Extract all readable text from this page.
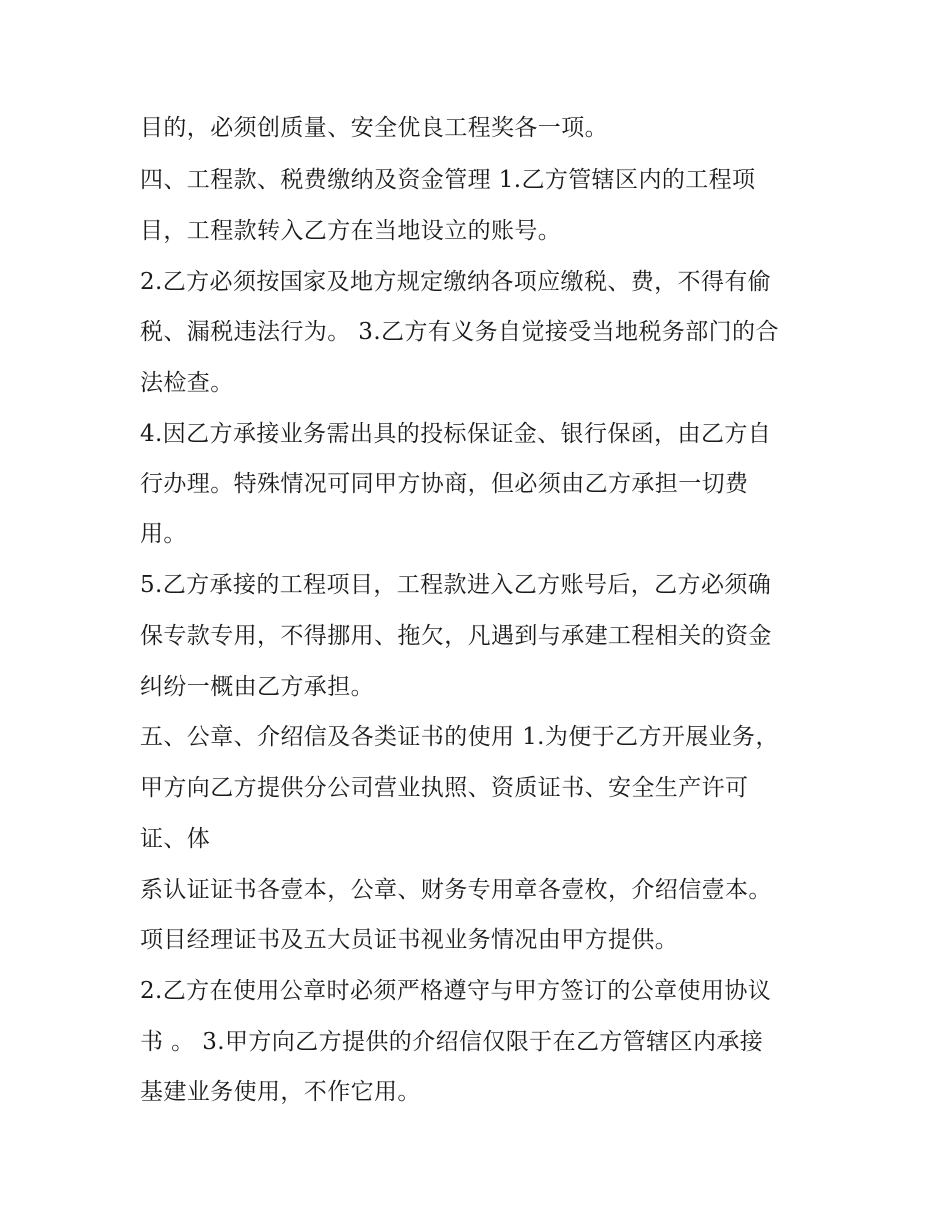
目的，必须创质量、安全优良工程奖各一项。

四、工程款、税费缴纳及资金管理 1.乙方管辖区内的工程项

目，工程款转入乙方在当地设立的账号。

2.乙方必须按国家及地方规定缴纳各项应缴税、费，不得有偷

税、漏税违法行为。 3.乙方有义务自觉接受当地税务部门的合

法检查。

4.因乙方承接业务需出具的投标保证金、银行保函，由乙方自

行办理。特殊情况可同甲方协商，但必须由乙方承担一切费

用。

5.乙方承接的工程项目，工程款进入乙方账号后，乙方必须确

保专款专用，不得挪用、拖欠，凡遇到与承建工程相关的资金

纠纷一概由乙方承担。

五、公章、介绍信及各类证书的使用 1.为便于乙方开展业务，

甲方向乙方提供分公司营业执照、资质证书、安全生产许可

证、体

系认证证书各壹本，公章、财务专用章各壹枚，介绍信壹本。

项目经理证书及五大员证书视业务情况由甲方提供。

2.乙方在使用公章时必须严格遵守与甲方签订的公章使用协议

书 。 3.甲方向乙方提供的介绍信仅限于在乙方管辖区内承接

基建业务使用，不作它用。
